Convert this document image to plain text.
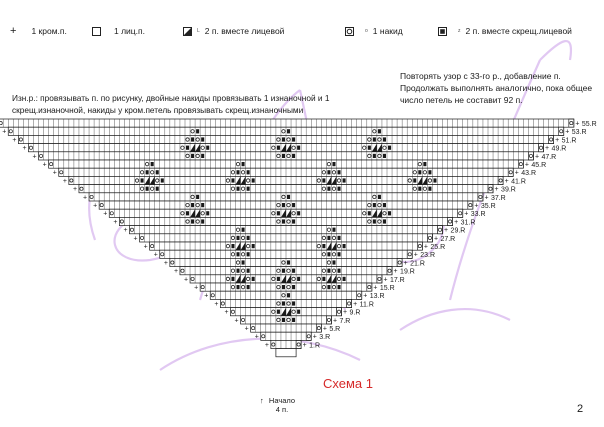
+ 1 кром.п.	1 лиц.п.	L 2 п. вместе лицевой	o 1 накид	z 2 п. вместе скрещ.лицевой
Изн.р.: провязывать п. по рисунку, двойные накиды провязывать 1 изнаночной и 1 скрещ.изнаночной, накиды у кром.петель провязывать скрещ.изнаночными
Повторять узор с 33-го р., добавление п. Продолжать выполнять аналогично, пока общее число петель не составит 92 п.
+
+	+
+	+
+	+
+	+
+	+
+	+
+	+
+	+
+	+
+	+
+	+
+	+
+	+
+	+
+	+
+	+
+	+
+	+
+	+
+	+
+	+
+	+
+	+
+	+
+	+
+	+
+	+
55.R
53.R
51.R
49.R
47.R
45.R
43.R
41.R
39.R
37.R
35.R
33.R
31.R
29.R
27.R
25.R
23.R
21.R
19.R
17.R
15.R
13.R
11.R
9.R
7.R
5.R
3.R
1.R
Схема 1
↑ Начало
4 п.	2
